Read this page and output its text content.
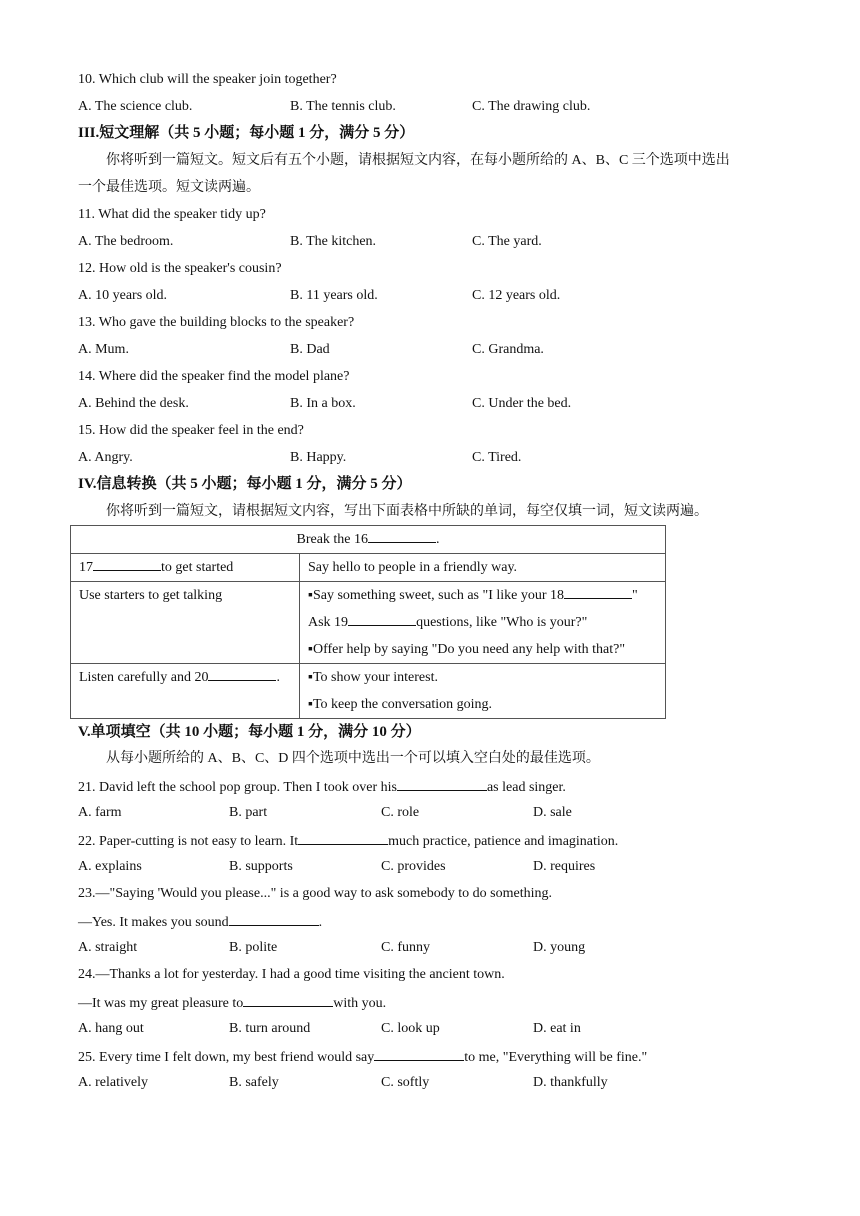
10. Which club will the speaker join together?
A. The science club.	B. The tennis club.	C. The drawing club.
III.短文理解（共 5 小题；每小题 1 分，满分 5 分）
你将听到一篇短文。短文后有五个小题，请根据短文内容，在每小题所给的 A、B、C 三个选项中选出
一个最佳选项。短文读两遍。
11. What did the speaker tidy up?
A. The bedroom.	B. The kitchen.	C. The yard.
12. How old is the speaker's cousin?
A. 10 years old.	B. 11 years old.	C. 12 years old.
13. Who gave the building blocks to the speaker?
A. Mum.	B. Dad	C. Grandma.
14. Where did the speaker find the model plane?
A. Behind the desk.	B. In a box.	C. Under the bed.
15. How did the speaker feel in the end?
A. Angry.	B. Happy.	C. Tired.
IV.信息转换（共 5 小题；每小题 1 分，满分 5 分）
你将听到一篇短文，请根据短文内容，写出下面表格中所缺的单词，每空仅填一词，短文读两遍。
Break the 16 .	
17 to get started	Say hello to people in a friendly way.
Use starters to get talking	▪Say something sweet, such as "I like your 18 "
Ask 19 questions, like "Who is your?"
▪Offer help by saying "Do you need any help with that?"

Listen carefully and 20 .	▪To show your interest.
▪To keep the conversation going.
V.单项填空（共 10 小题；每小题 1 分，满分 10 分）
从每小题所给的 A、B、C、D 四个选项中选出一个可以填入空白处的最佳选项。
21. David left the school pop group. Then I took over his	as lead singer.
A. farm	B. part	C. role	D. sale
22. Paper-cutting is not easy to learn. It	much practice, patience and imagination.
A. explains	B. supports	C. provides	D. requires
23.—"Saying 'Would you please..." is a good way to ask somebody to do something.
—Yes. It makes you sound	.
A. straight	B. polite	C. funny	D. young
24.—Thanks a lot for yesterday. I had a good time visiting the ancient town.
—It was my great pleasure to	with you.
A. hang out	B. turn around	C. look up	D. eat in
25. Every time I felt down, my best friend would say	to me, "Everything will be fine."
A. relatively	B. safely	C. softly	D. thankfully
